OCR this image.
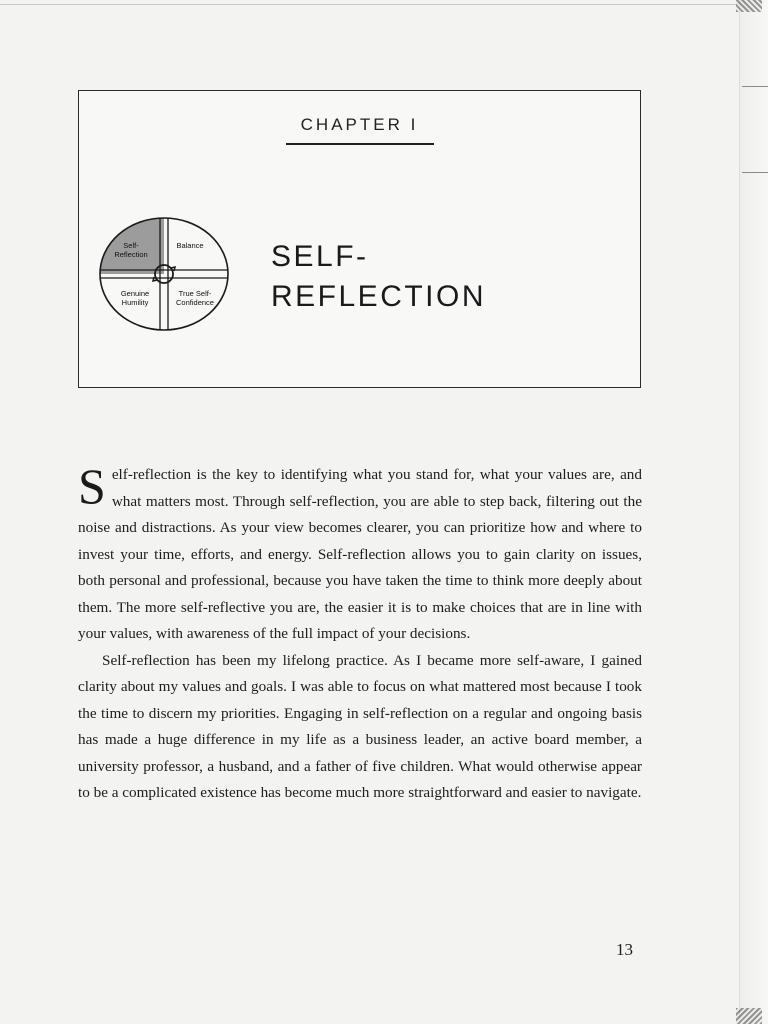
CHAPTER I
Self-
Reflection
Balance
Genuine
Humility
True Self-
Confidence
SELF-
REFLECTION

Self-reflection is the key to identifying what you stand for, what your values are, and what matters most. Through self-reflection, you are able to step back, filtering out the noise and distractions. As your view becomes clearer, you can prioritize how and where to invest your time, efforts, and energy. Self-reflection allows you to gain clarity on issues, both personal and professional, because you have taken the time to think more deeply about them. The more self-reflective you are, the easier it is to make choices that are in line with your values, with awareness of the full impact of your decisions.

Self-reflection has been my lifelong practice. As I became more self-aware, I gained clarity about my values and goals. I was able to focus on what mattered most because I took the time to discern my priorities. Engaging in self-reflection on a regular and ongoing basis has made a huge difference in my life as a business leader, an active board member, a university professor, a husband, and a father of five children. What would otherwise appear to be a complicated existence has become much more straightforward and easier to navigate.

13
